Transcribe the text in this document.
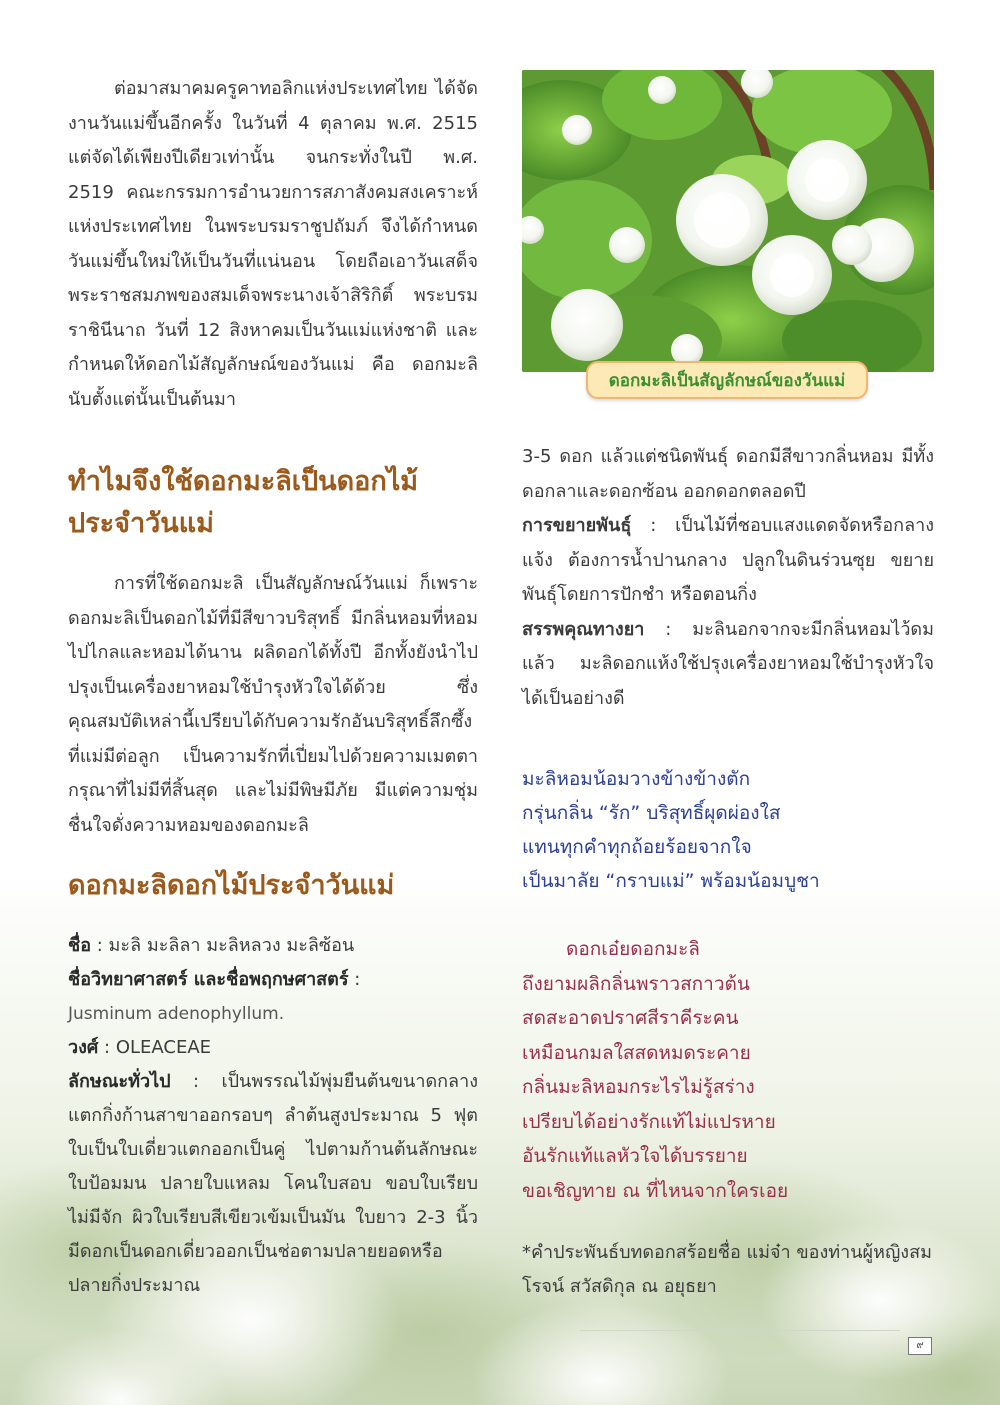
ต่อมาสมาคมครูคาทอลิกแห่งประเทศไทย ได้จัดงานวันแม่ขึ้นอีกครั้ง ในวันที่ 4 ตุลาคม พ.ศ. 2515 แต่จัดได้เพียงปีเดียวเท่านั้น จนกระทั่งในปี พ.ศ. 2519 คณะกรรมการอำนวยการสภาสังคมสงเคราะห์แห่งประเทศไทย ในพระบรมราชูปถัมภ์ จึงได้กำหนดวันแม่ขึ้นใหม่ให้เป็นวันที่แน่นอน โดยถือเอาวันเสด็จพระราชสมภพของสมเด็จพระนางเจ้าสิริกิติ์ พระบรมราชินีนาถ วันที่ 12 สิงหาคมเป็นวันแม่แห่งชาติ และกำหนดให้ดอกไม้สัญลักษณ์ของวันแม่ คือ ดอกมะลิ นับตั้งแต่นั้นเป็นต้นมา

ทำไมจึงใช้ดอกมะลิเป็นดอกไม้ประจำวันแม่

การที่ใช้ดอกมะลิ เป็นสัญลักษณ์วันแม่ ก็เพราะดอกมะลิเป็นดอกไม้ที่มีสีขาวบริสุทธิ์ มีกลิ่นหอมที่หอมไปไกลและหอมได้นาน ผลิดอกได้ทั้งปี อีกทั้งยังนำไปปรุงเป็นเครื่องยาหอมใช้บำรุงหัวใจได้ด้วย ซึ่งคุณสมบัติเหล่านี้เปรียบได้กับความรักอันบริสุทธิ์ลึกซึ้งที่แม่มีต่อลูก เป็นความรักที่เปี่ยมไปด้วยความเมตตากรุณาที่ไม่มีที่สิ้นสุด และไม่มีพิษมีภัย มีแต่ความชุ่มชื่นใจดั่งความหอมของดอกมะลิ

ดอกมะลิดอกไม้ประจำวันแม่

ชื่อ : มะลิ มะลิลา มะลิหลวง มะลิซ้อน

ชื่อวิทยาศาสตร์ และชื่อพฤกษศาสตร์ :

Jusminum adenophyllum.

วงศ์ : OLEACEAE

ลักษณะทั่วไป : เป็นพรรณไม้พุ่มยืนต้นขนาดกลาง แตกกิ่งก้านสาขาออกรอบๆ ลำต้นสูงประมาณ 5 ฟุต ใบเป็นใบเดี่ยวแตกออกเป็นคู่ ไปตามก้านต้นลักษณะใบป้อมมน ปลายใบแหลม โคนใบสอบ ขอบใบเรียบไม่มีจัก ผิวใบเรียบสีเขียวเข้มเป็นมัน ใบยาว 2-3 นิ้ว มีดอกเป็นดอกเดี่ยวออกเป็นช่อตามปลายยอดหรือปลายกิ่งประมาณ

ดอกมะลิเป็นสัญลักษณ์ของวันแม่

3-5 ดอก แล้วแต่ชนิดพันธุ์ ดอกมีสีขาวกลิ่นหอม มีทั้งดอกลาและดอกซ้อน ออกดอกตลอดปี

การขยายพันธุ์ : เป็นไม้ที่ชอบแสงแดดจัดหรือกลางแจ้ง ต้องการน้ำปานกลาง ปลูกในดินร่วนซุย ขยายพันธุ์โดยการปักชำ หรือตอนกิ่ง

สรรพคุณทางยา : มะลินอกจากจะมีกลิ่นหอมไว้ดมแล้ว มะลิดอกแห้งใช้ปรุงเครื่องยาหอมใช้บำรุงหัวใจได้เป็นอย่างดี

มะลิหอมน้อมวางข้างข้างตัก
กรุ่นกลิ่น “รัก” บริสุทธิ์ผุดผ่องใส
แทนทุกคำทุกถ้อยร้อยจากใจ
เป็นมาลัย “กราบแม่” พร้อมน้อมบูชา
ดอกเอ๋ยดอกมะลิ
ถึงยามผลิกลิ่นพราวสกาวต้น
สดสะอาดปราศสีราคีระคน
เหมือนกมลใสสดหมดระคาย
กลิ่นมะลิหอมกระไรไม่รู้สร่าง
เปรียบได้อย่างรักแท้ไม่แปรหาย
อันรักแท้แลหัวใจได้บรรยาย
ขอเชิญทาย ณ ที่ไหนจากใครเอย

*คำประพันธ์บทดอกสร้อยชื่อ แม่จ๋า ของท่านผู้หญิงสมโรจน์ สวัสดิกุล ณ อยุธยา

๙
